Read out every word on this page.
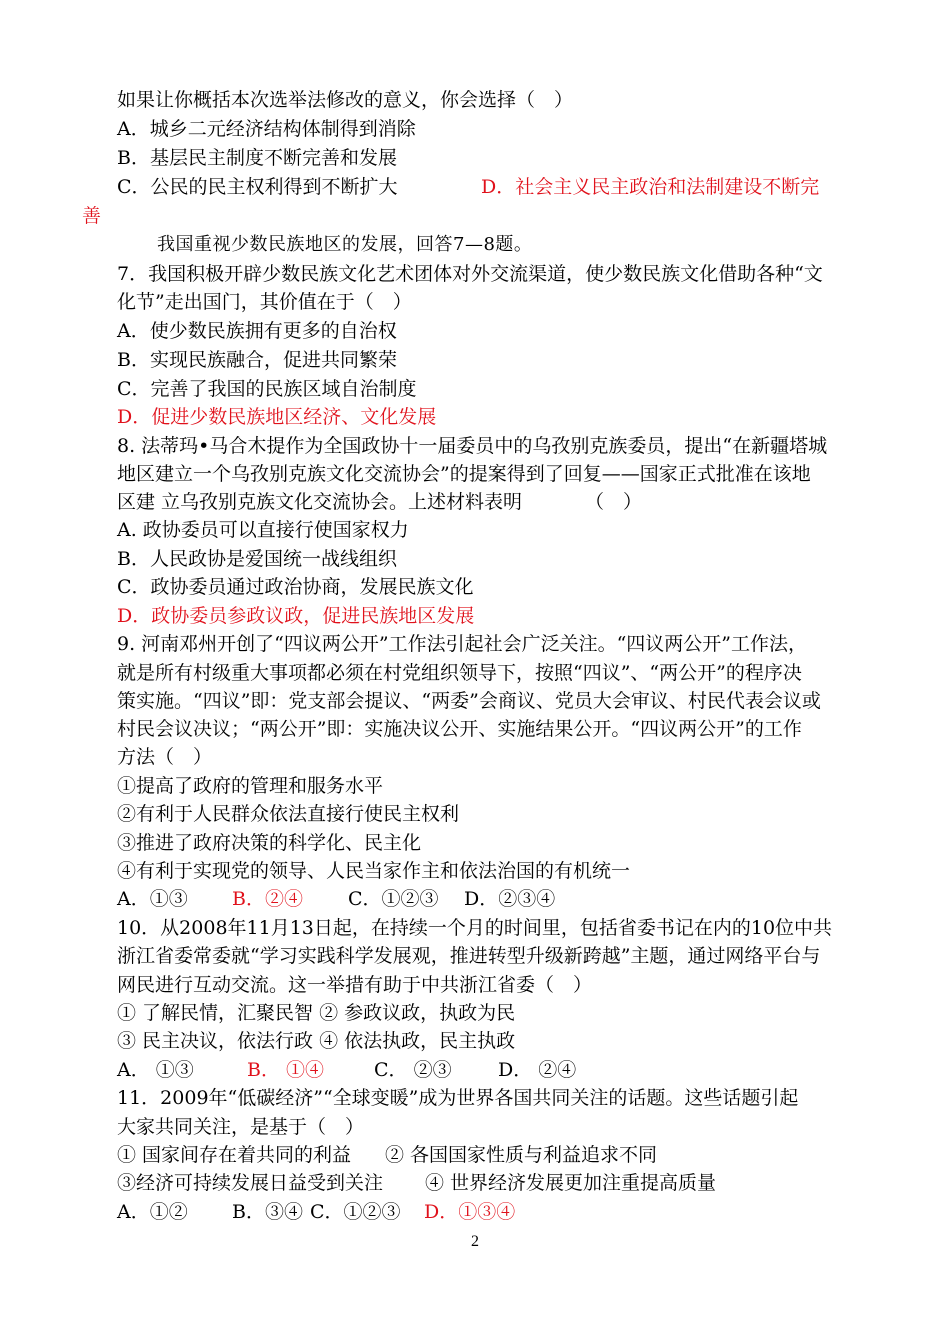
如果让你概括本次选举法修改的意义，你会选择（　）
A．城乡二元经济结构体制得到消除
B．基层民主制度不断完善和发展
C．公民的民主权利得到不断扩大	D．社会主义民主政治和法制建设不断完
善
我国重视少数民族地区的发展，回答7—8题。
7．我国积极开辟少数民族文化艺术团体对外交流渠道，使少数民族文化借助各种“文
化节”走出国门，其价值在于（　）
A．使少数民族拥有更多的自治权
B．实现民族融合，促进共同繁荣
C．完善了我国的民族区域自治制度
D．促进少数民族地区经济、文化发展
8. 法蒂玛•马合木提作为全国政协十一届委员中的乌孜别克族委员，提出“在新疆塔城
地区建立一个乌孜别克族文化交流协会”的提案得到了回复——国家正式批准在该地
区建 立乌孜别克族文化交流协会。上述材料表明	（　）
A. 政协委员可以直接行使国家权力
B．人民政协是爱国统一战线组织
C．政协委员通过政治协商，发展民族文化
D．政协委员参政议政，促进民族地区发展
9. 河南邓州开创了“四议两公开”工作法引起社会广泛关注。“四议两公开”工作法，
就是所有村级重大事项都必须在村党组织领导下，按照“四议”、“两公开”的程序决
策实施。“四议”即：党支部会提议、“两委”会商议、党员大会审议、村民代表会议或
村民会议决议；“两公开”即：实施决议公开、实施结果公开。“四议两公开”的工作
方法（　）
①提高了政府的管理和服务水平
②有利于人民群众依法直接行使民主权利
③推进了政府决策的科学化、民主化
④有利于实现党的领导、人民当家作主和依法治国的有机统一
A．①③ B．②④ C．①②③ D．②③④
10．从2008年11月13日起，在持续一个月的时间里，包括省委书记在内的10位中共
浙江省委常委就“学习实践科学发展观，推进转型升级新跨越”主题，通过网络平台与
网民进行互动交流。这一举措有助于中共浙江省委（　）
① 了解民情，汇聚民智 ② 参政议政，执政为民
③ 民主决议，依法行政 ④ 依法执政，民主执政
A． ①③	B． ①④	C． ②③ D． ②④
11．2009年“低碳经济”“全球变暖”成为世界各国共同关注的话题。这些话题引起
大家共同关注，是基于（　）
① 国家间存在着共同的利益 ② 各国国家性质与利益追求不同
③经济可持续发展日益受到关注 ④ 世界经济发展更加注重提高质量
A．①② B．③④ C．①②③ D．①③④
2
